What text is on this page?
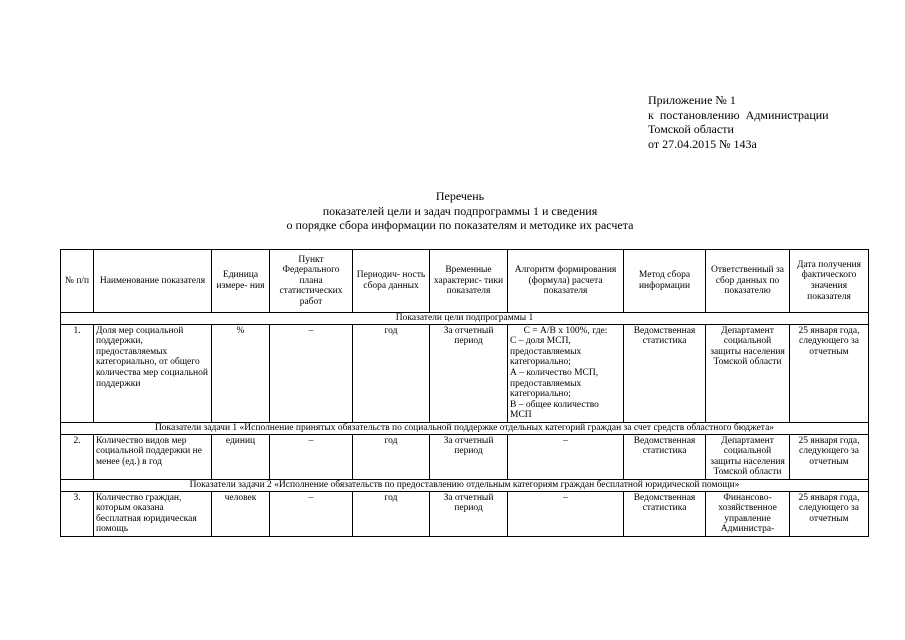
Приложение № 1
к  постановлению  Администрации
Томской области
от 27.04.2015 № 143а
Перечень
показателей цели и задач подпрограммы 1 и сведения
о порядке сбора информации по показателям и методике их расчета
№ п/п	Наименование показателя	Единица измере- ния	Пункт Федерального плана статистических работ	Периодич- ность сбора данных	Временные характерис- тики показателя	Алгоритм формирования (формула) расчета показателя	Метод сбора информации	Ответственный за сбор данных по показателю	Дата получения фактического значения показателя
Показатели цели подпрограммы 1									
1.	Доля мер социальной поддержки, предоставляемых категориально, от общего количества мер социальной поддержки	%	–	год	За отчетный период	С = А/В х 100%, где:
С – доля МСП, предоставляемых категориально;
А – количество МСП, предоставляемых категориально;
В – общее количество МСП	Ведомственная статистика	Департамент социальной защиты населения Томской области	25 января года, следующего за отчетным
Показатели задачи 1 «Исполнение принятых обязательств по социальной поддержке отдельных категорий граждан за счет средств областного бюджета»									
2.	Количество видов мер социальной поддержки не менее (ед.) в год	единиц	–	год	За отчетный период	–	Ведомственная статистика	Департамент социальной защиты населения Томской области	25 января года, следующего за отчетным
Показатели задачи 2 «Исполнение обязательств по предоставлению отдельным категориям граждан бесплатной юридической помощи»									
3.	Количество граждан, которым оказана бесплатная юридическая помощь	человек	–	год	За отчетный период	–	Ведомственная статистика	Финансово-хозяйственное управление Администра-	25 января года, следующего за отчетным
